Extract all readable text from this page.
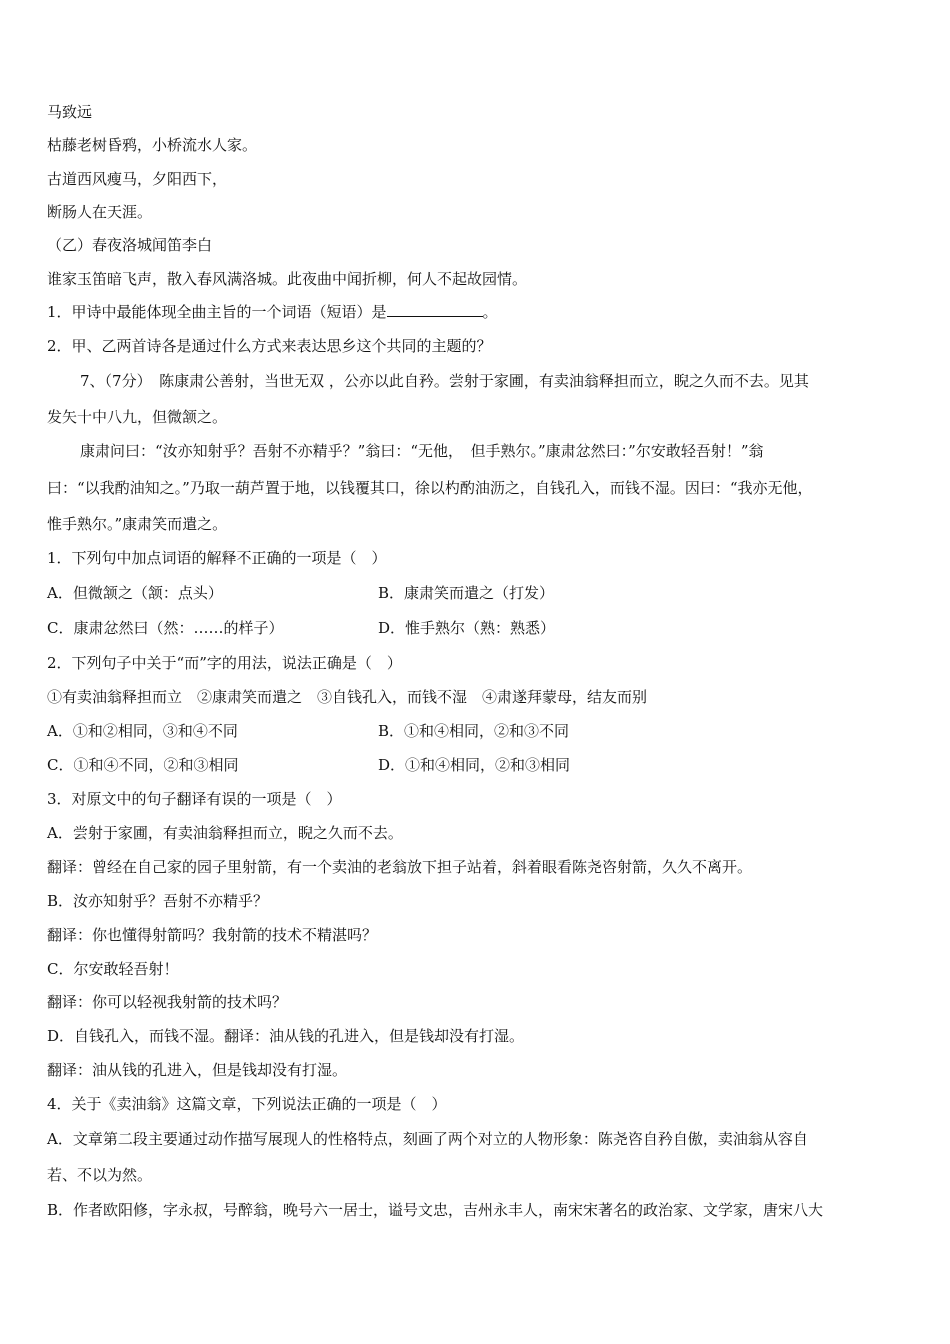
马致远
枯藤老树昏鸦，小桥流水人家。
古道西风瘦马，夕阳西下，
断肠人在天涯。
（乙）春夜洛城闻笛李白
谁家玉笛暗飞声，散入春风满洛城。此夜曲中闻折柳，何人不起故园情。
1．甲诗中最能体现全曲主旨的一个词语（短语）是	。
2．甲、乙两首诗各是通过什么方式来表达思乡这个共同的主题的？
7、（7分）　陈康肃公善射，当世无双 ，公亦以此自矜。尝射于家圃，有卖油翁释担而立，睨之久而不去。见其
发矢十中八九，但微颔之。
康肃问曰：“汝亦知射乎？吾射不亦精乎？”翁曰：“无他，　但手熟尔。”康肃忿然曰：”尔安敢轻吾射！”翁
曰：“以我酌油知之。”乃取一葫芦置于地，以钱覆其口，徐以杓酌油沥之，自钱孔入，而钱不湿。因曰：“我亦无他，
惟手熟尔。”康肃笑而遣之。
1．下列句中加点词语的解释不正确的一项是（　）
A．但微颔之（颔：点头）	B．康肃笑而遣之（打发）
C．康肃忿然曰（然：……的样子）	D．惟手熟尔（熟：熟悉）
2．下列句子中关于“而”字的用法，说法正确是（　）
①有卖油翁释担而立　②康肃笑而遣之　③自钱孔入，而钱不湿　④肃遂拜蒙母，结友而别
A．①和②相同，③和④不同	B．①和④相同，②和③不同
C．①和④不同，②和③相同	D．①和④相同，②和③相同
3．对原文中的句子翻译有误的一项是（　）
A．尝射于家圃，有卖油翁释担而立，睨之久而不去。
翻译：曾经在自己家的园子里射箭，有一个卖油的老翁放下担子站着，斜着眼看陈尧咨射箭，久久不离开。
B．汝亦知射乎？吾射不亦精乎？
翻译：你也懂得射箭吗？我射箭的技术不精湛吗？
C．尔安敢轻吾射！
翻译：你可以轻视我射箭的技术吗？
D．自钱孔入，而钱不湿。翻译：油从钱的孔进入，但是钱却没有打湿。
翻译：油从钱的孔进入，但是钱却没有打湿。
4．关于《卖油翁》这篇文章，下列说法正确的一项是（　）
A．文章第二段主要通过动作描写展现人的性格特点，刻画了两个对立的人物形象：陈尧咨自矜自傲，卖油翁从容自
若、不以为然。
B．作者欧阳修，字永叔，号醉翁，晚号六一居士，谥号文忠，吉州永丰人，南宋宋著名的政治家、文学家，唐宋八大
